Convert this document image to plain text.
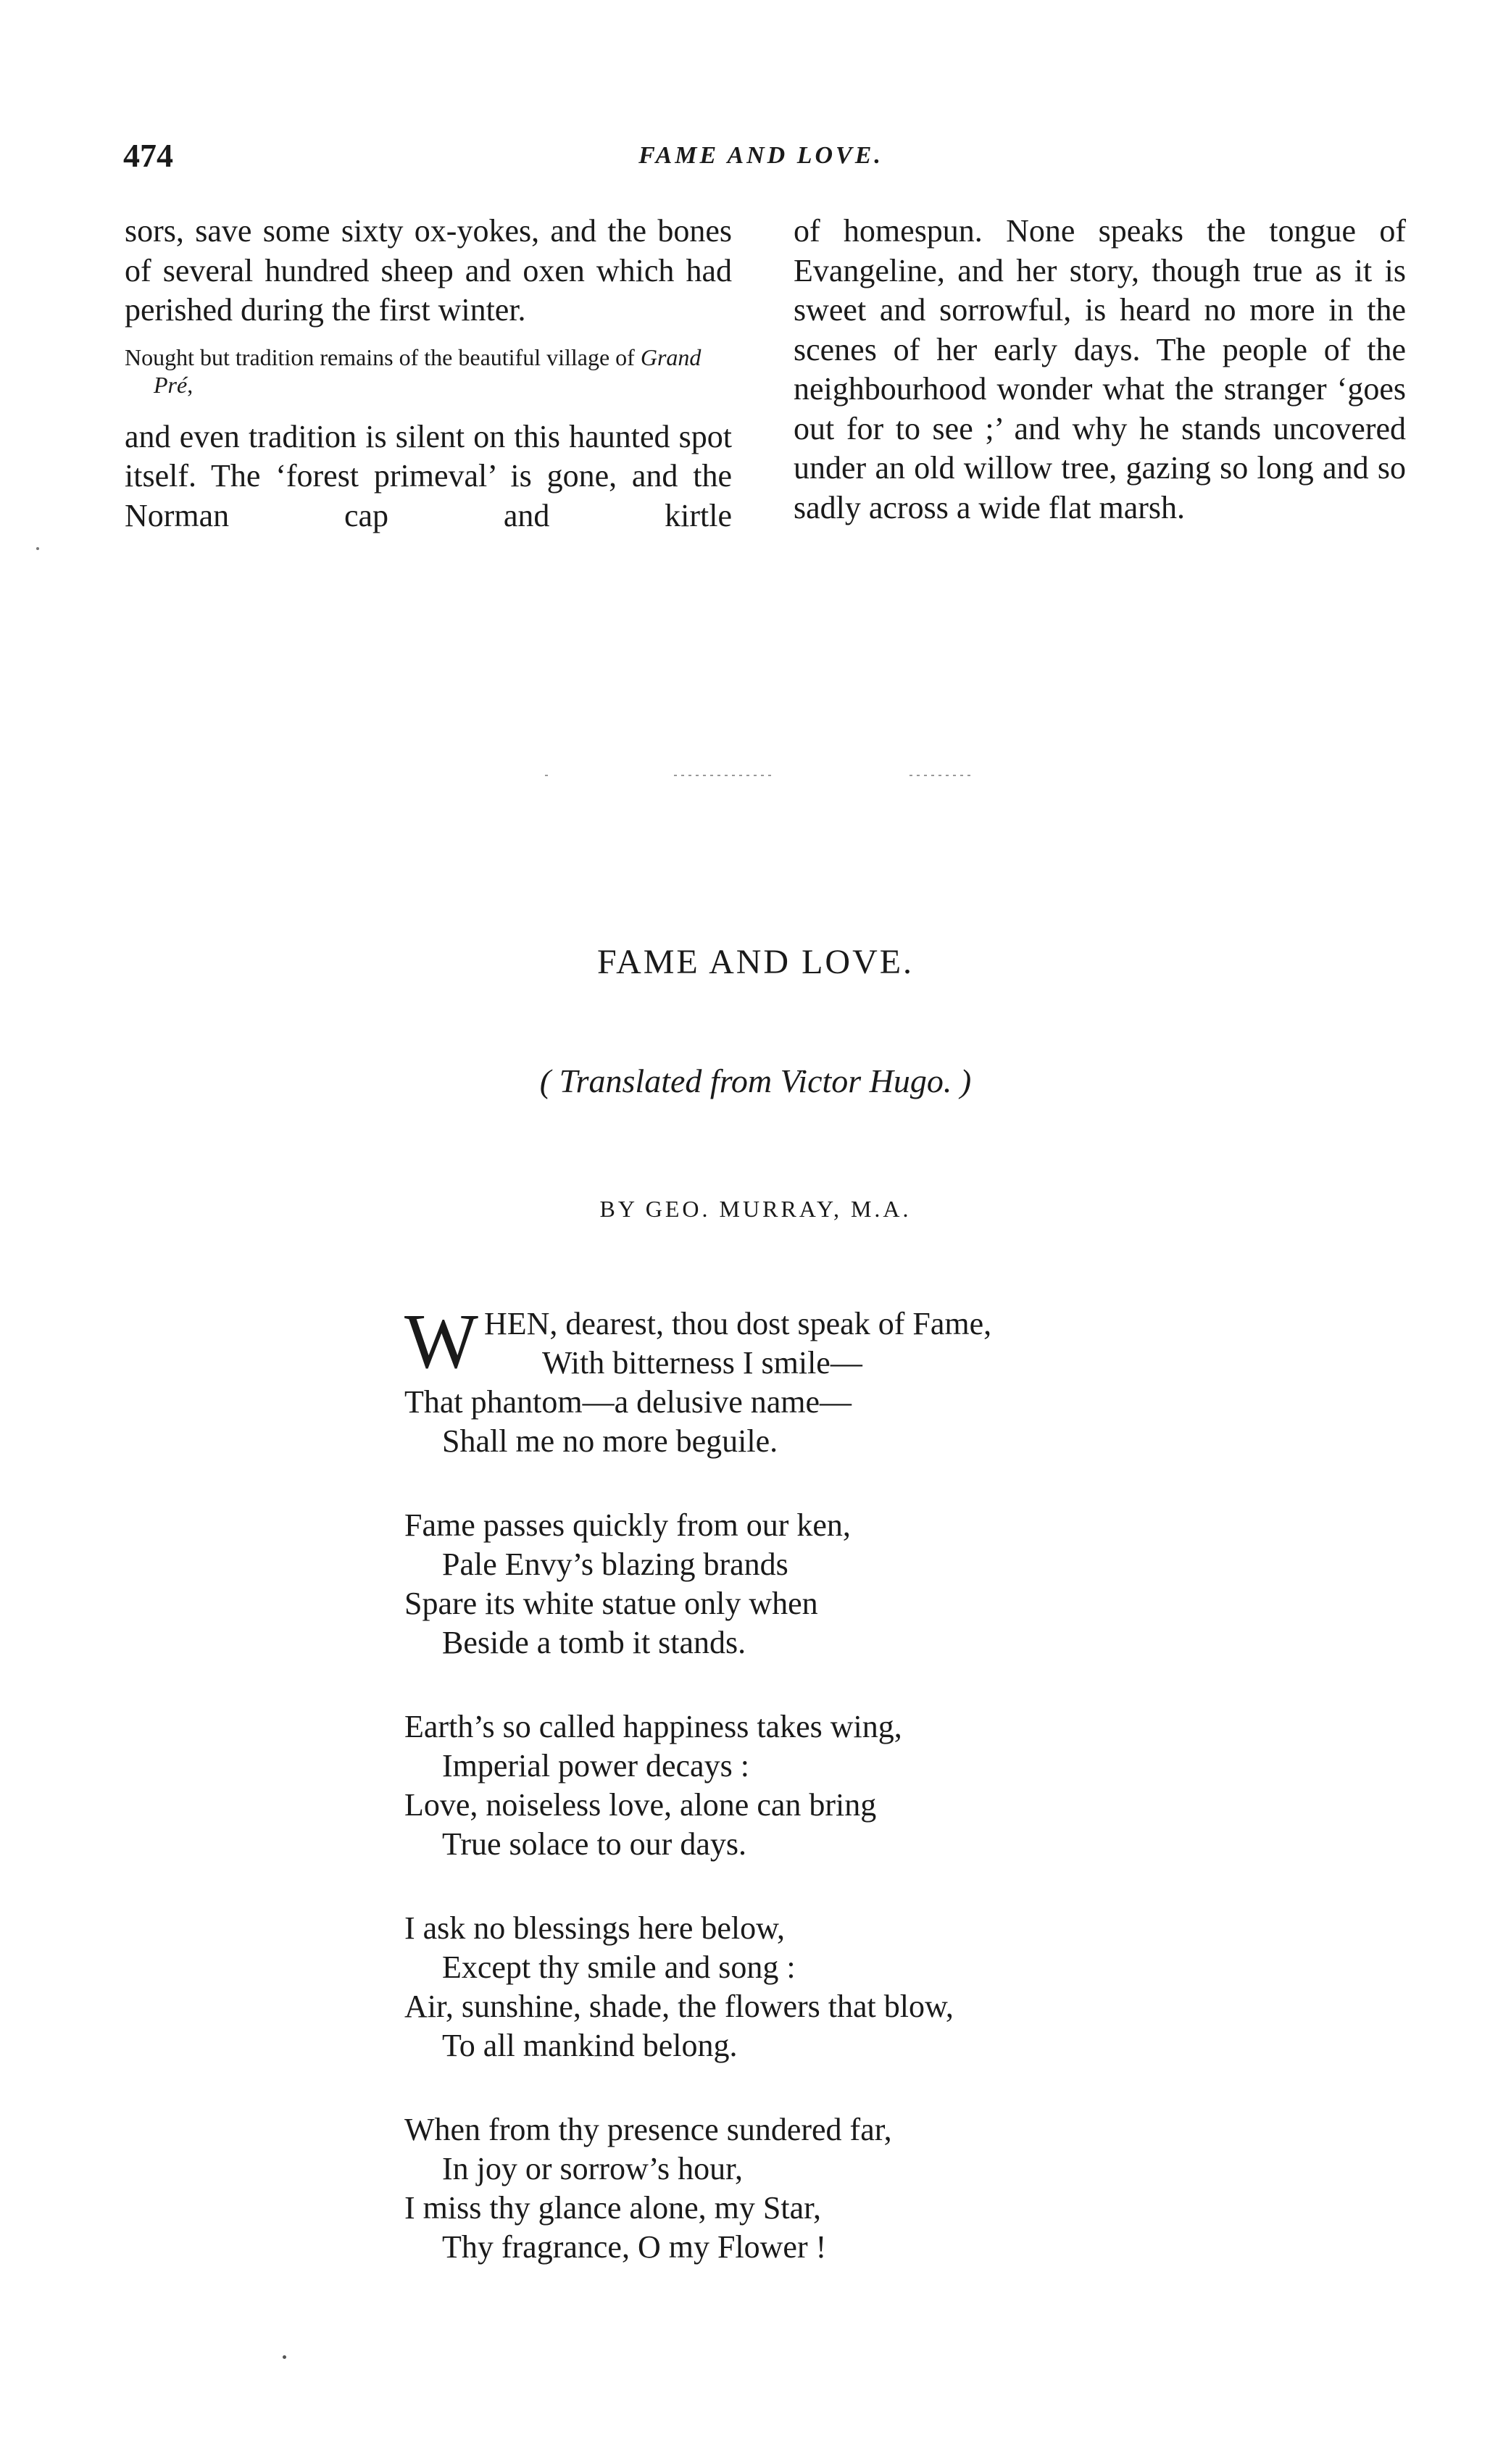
474	FAME AND LOVE.

sors, save some sixty ox-yokes, and the bones of several hundred sheep and oxen which had perished during the first winter.

Nought but tradition remains of the beautiful village of Grand Pré,

and even tradition is silent on this haunted spot itself. The ‘forest primeval’ is gone, and the Norman cap and kirtle

of homespun. None speaks the tongue of Evangeline, and her story, though true as it is sweet and sorrowful, is heard no more in the scenes of her early days. The people of the neighbourhood wonder what the stranger ‘goes out for to see ;’ and why he stands uncovered under an old willow tree, gazing so long and so sadly across a wide flat marsh.

FAME AND LOVE.
( Translated from Victor Hugo. )
BY GEO. MURRAY, M.A.
W HEN, dearest, thou dost speak of Fame,
With bitterness I smile—
That phantom—a delusive name—
Shall me no more beguile.
Fame passes quickly from our ken,
Pale Envy’s blazing brands
Spare its white statue only when
Beside a tomb it stands.
Earth’s so called happiness takes wing,
Imperial power decays :
Love, noiseless love, alone can bring
True solace to our days.
I ask no blessings here below,
Except thy smile and song :
Air, sunshine, shade, the flowers that blow,
To all mankind belong.
When from thy presence sundered far,
In joy or sorrow’s hour,
I miss thy glance alone, my Star,
Thy fragrance, O my Flower !
